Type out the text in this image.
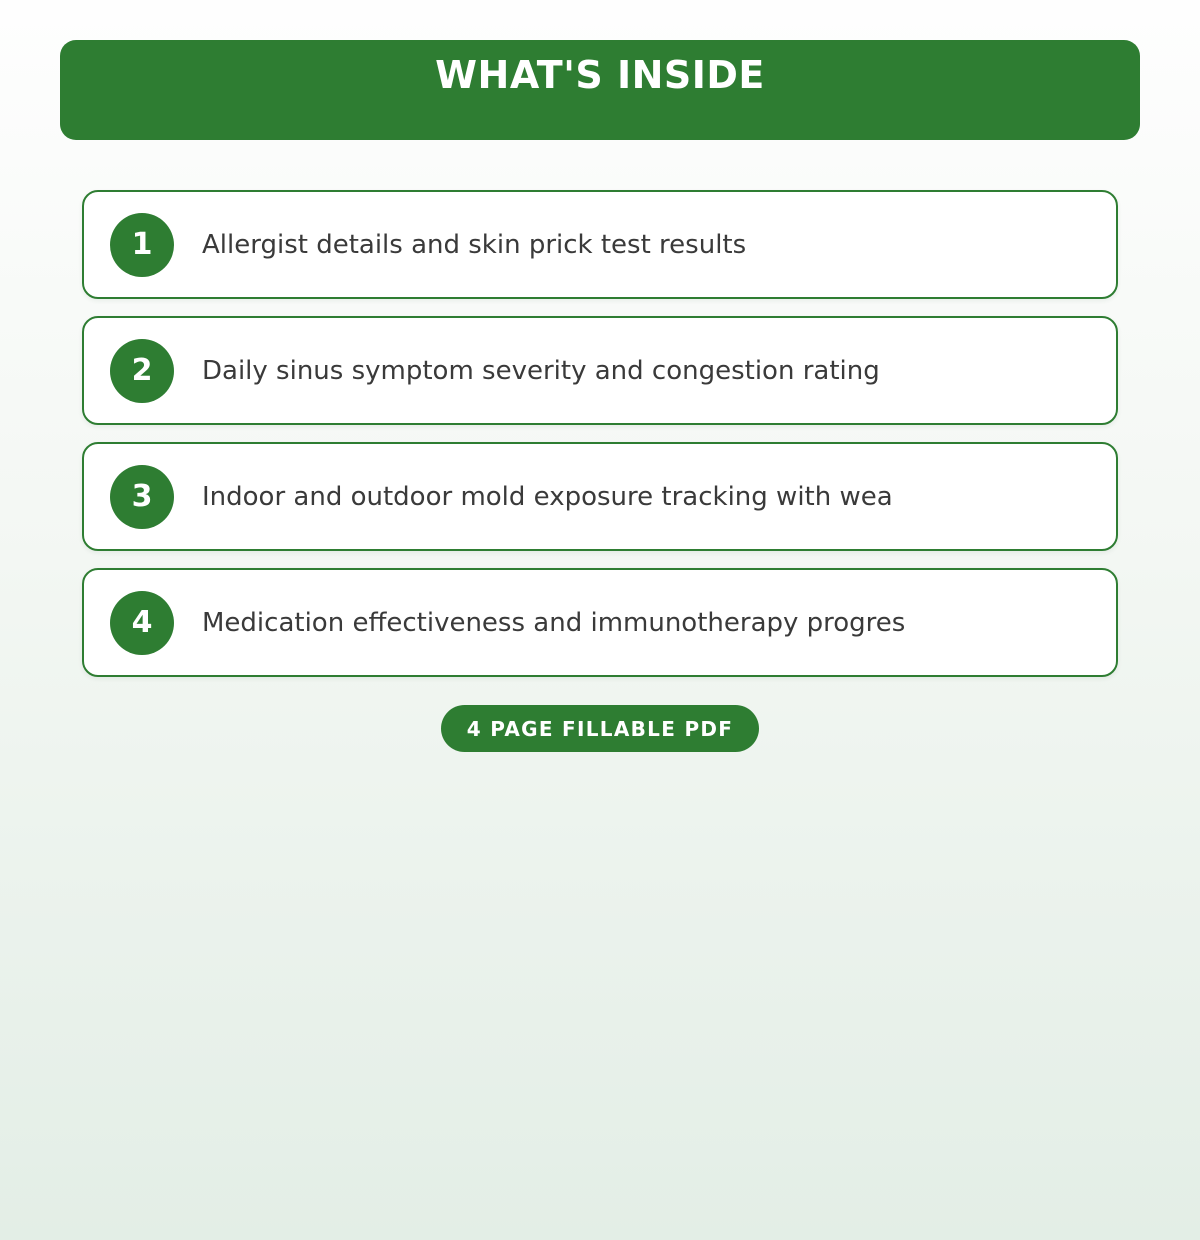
WHAT'S INSIDE
1	Allergist details and skin prick test results
2	Daily sinus symptom severity and congestion rating
3	Indoor and outdoor mold exposure tracking with wea
4	Medication effectiveness and immunotherapy progres
4 PAGE FILLABLE PDF
